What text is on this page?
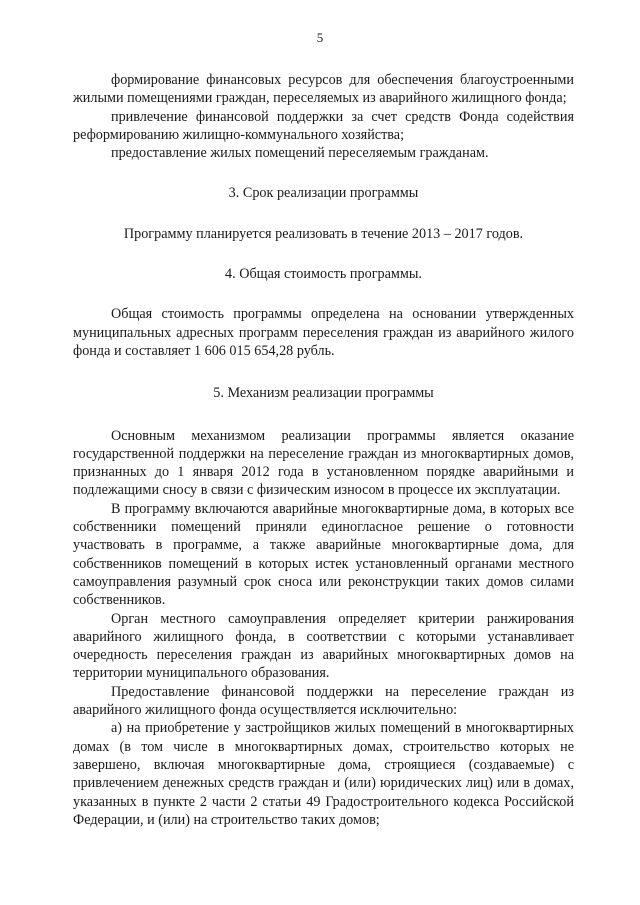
5

формирование финансовых ресурсов для обеспечения благоустроенными жилыми помещениями граждан, переселяемых из аварийного жилищного фонда;

привлечение финансовой поддержки за счет средств Фонда содействия реформированию жилищно-коммунального хозяйства;

предоставление жилых помещений переселяемым гражданам.

3. Срок реализации программы

Программу планируется реализовать в течение 2013 – 2017 годов.

4. Общая стоимость программы.

Общая стоимость программы определена на основании утвержденных муниципальных адресных программ переселения граждан из аварийного жилого фонда и составляет 1 606 015 654,28 рубль.

5. Механизм реализации программы

Основным механизмом реализации программы является оказание государственной поддержки на переселение граждан из многоквартирных домов, признанных до 1 января 2012 года в установленном порядке аварийными и подлежащими сносу в связи с физическим износом в процессе их эксплуатации.

В программу включаются аварийные многоквартирные дома, в которых все собственники помещений приняли единогласное решение о готовности участвовать в программе, а также аварийные многоквартирные дома, для собственников помещений в которых истек установленный органами местного самоуправления разумный срок сноса или реконструкции таких домов силами собственников.

Орган местного самоуправления определяет критерии ранжирования аварийного жилищного фонда, в соответствии с которыми устанавливает очередность переселения граждан из аварийных многоквартирных домов на территории муниципального образования.

Предоставление финансовой поддержки на переселение граждан из аварийного жилищного фонда осуществляется исключительно:

а) на приобретение у застройщиков жилых помещений в многоквартирных домах (в том числе в многоквартирных домах, строительство которых не завершено, включая многоквартирные дома, строящиеся (создаваемые) с привлечением денежных средств граждан и (или) юридических лиц) или в домах, указанных в пункте 2 части 2 статьи 49 Градостроительного кодекса Российской Федерации, и (или) на строительство таких домов;
